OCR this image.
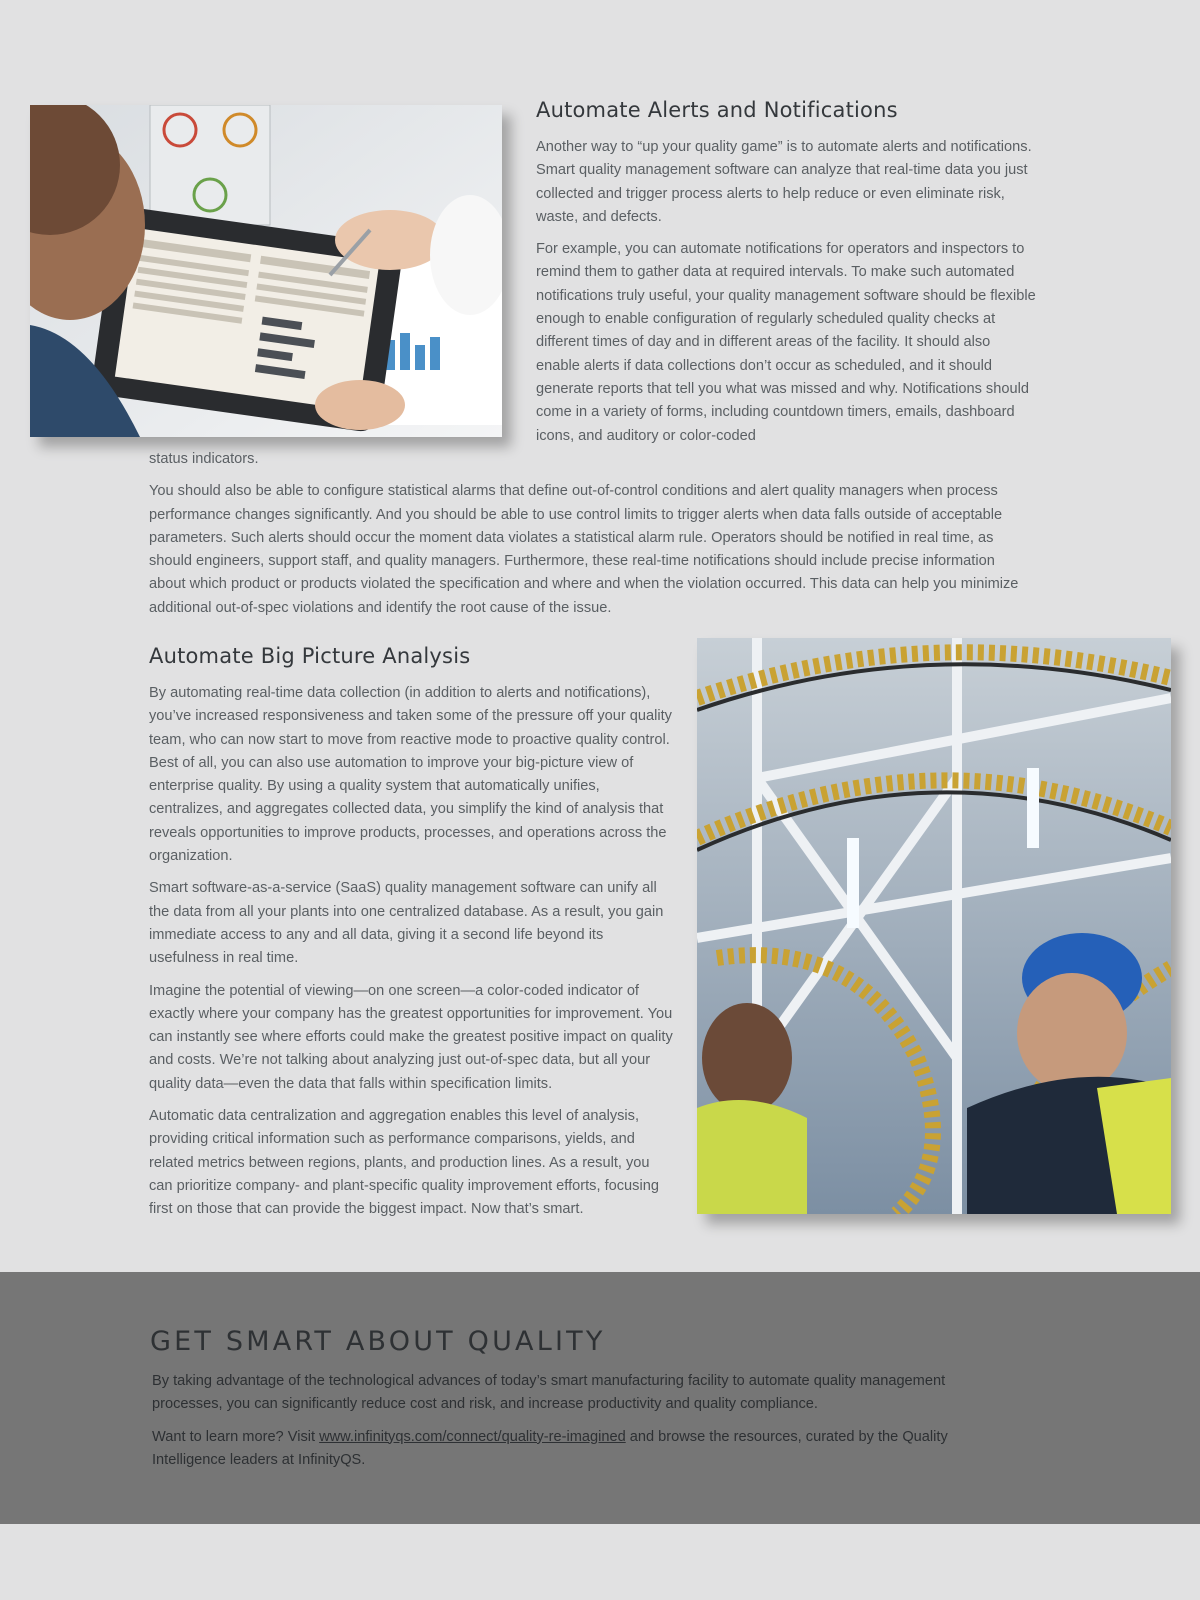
Automate Alerts and Notifications

Another way to “up your quality game” is to automate alerts and notifications. Smart quality management software can analyze that real-time data you just collected and trigger process alerts to help reduce or even eliminate risk, waste, and defects.

For example, you can automate notifications for operators and inspectors to remind them to gather data at required intervals. To make such automated notifications truly useful, your quality management software should be flexible enough to enable configuration of regularly scheduled quality checks at different times of day and in different areas of the facility. It should also enable alerts if data collections don’t occur as scheduled, and it should generate reports that tell you what was missed and why. Notifications should come in a variety of forms, including countdown timers, emails, dashboard icons, and auditory or color-coded

status indicators.

You should also be able to configure statistical alarms that define out-of-control conditions and alert quality managers when process performance changes significantly. And you should be able to use control limits to trigger alerts when data falls outside of acceptable parameters. Such alerts should occur the moment data violates a statistical alarm rule. Operators should be notified in real time, as should engineers, support staff, and quality managers. Furthermore, these real-time notifications should include precise information about which product or products violated the specification and where and when the violation occurred. This data can help you minimize additional out-of-spec violations and identify the root cause of the issue.

Automate Big Picture Analysis

By automating real-time data collection (in addition to alerts and notifications), you’ve increased responsiveness and taken some of the pressure off your quality team, who can now start to move from reactive mode to proactive quality control. Best of all, you can also use automation to improve your big-picture view of enterprise quality. By using a quality system that automatically unifies, centralizes, and aggregates collected data, you simplify the kind of analysis that reveals opportunities to improve products, processes, and operations across the organization.

Smart software-as-a-service (SaaS) quality management software can unify all the data from all your plants into one centralized database. As a result, you gain immediate access to any and all data, giving it a second life beyond its usefulness in real time.

Imagine the potential of viewing—on one screen—a color-coded indicator of exactly where your company has the greatest opportunities for improvement. You can instantly see where efforts could make the greatest positive impact on quality and costs. We’re not talking about analyzing just out-of-spec data, but all your quality data—even the data that falls within specification limits.

Automatic data centralization and aggregation enables this level of analysis, providing critical information such as performance comparisons, yields, and related metrics between regions, plants, and production lines. As a result, you can prioritize company- and plant-specific quality improvement efforts, focusing first on those that can provide the biggest impact. Now that’s smart.

GET SMART ABOUT QUALITY

By taking advantage of the technological advances of today’s smart manufacturing facility to automate quality management processes, you can significantly reduce cost and risk, and increase productivity and quality compliance.

Want to learn more? Visit www.infinityqs.com/connect/quality-re-imagined and browse the resources, curated by the Quality Intelligence leaders at InfinityQS.
